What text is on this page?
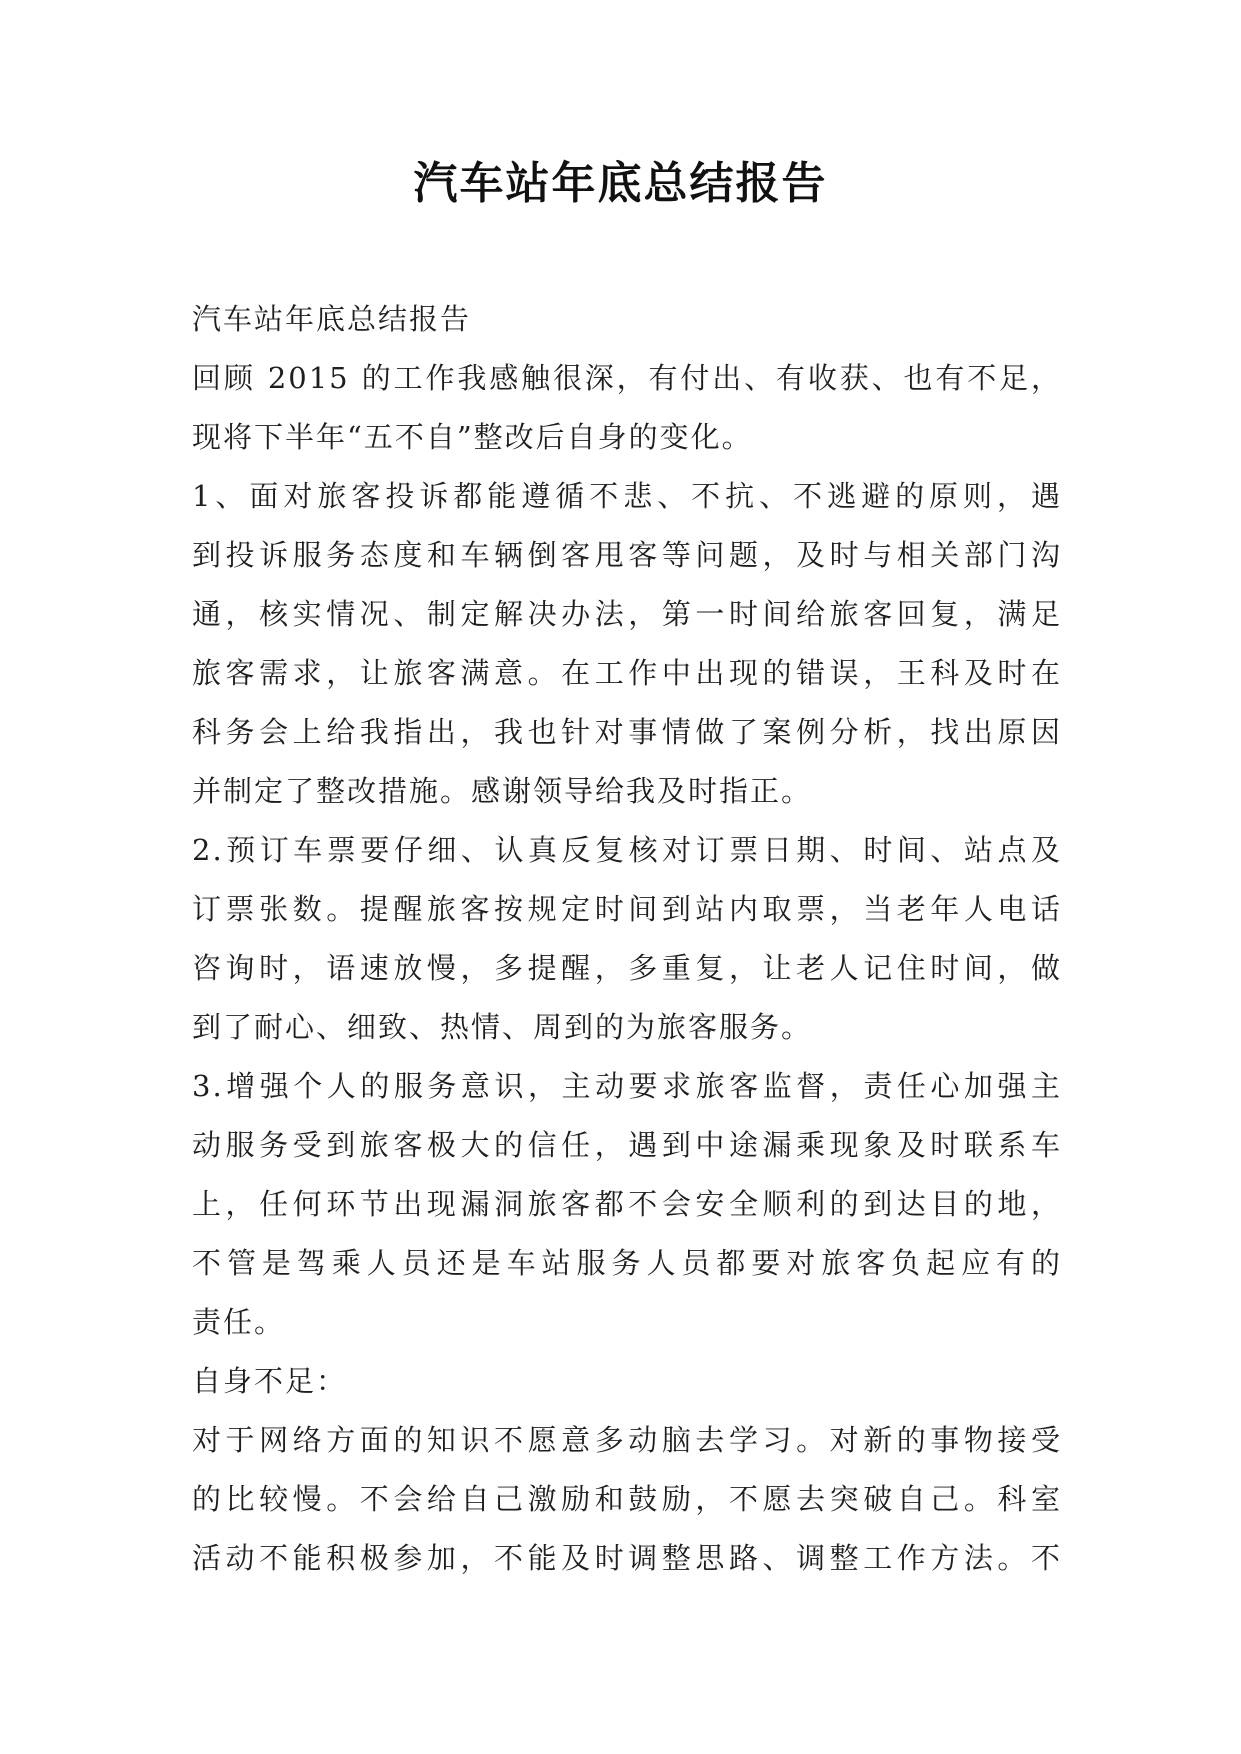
汽车站年底总结报告
汽车站年底总结报告
回顾 2015 的工作我感触很深，有付出、有收获、也有不足，
现将下半年“五不自”整改后自身的变化。
1、面对旅客投诉都能遵循不悲、不抗、不逃避的原则，遇
到投诉服务态度和车辆倒客甩客等问题，及时与相关部门沟
通，核实情况、制定解决办法，第一时间给旅客回复，满足
旅客需求，让旅客满意。在工作中出现的错误，王科及时在
科务会上给我指出，我也针对事情做了案例分析，找出原因
并制定了整改措施。感谢领导给我及时指正。
2.预订车票要仔细、认真反复核对订票日期、时间、站点及
订票张数。提醒旅客按规定时间到站内取票，当老年人电话
咨询时，语速放慢，多提醒，多重复，让老人记住时间，做
到了耐心、细致、热情、周到的为旅客服务。
3.增强个人的服务意识，主动要求旅客监督，责任心加强主
动服务受到旅客极大的信任，遇到中途漏乘现象及时联系车
上，任何环节出现漏洞旅客都不会安全顺利的到达目的地，
不管是驾乘人员还是车站服务人员都要对旅客负起应有的
责任。
自身不足：
对于网络方面的知识不愿意多动脑去学习。对新的事物接受
的比较慢。不会给自己激励和鼓励，不愿去突破自己。科室
活动不能积极参加，不能及时调整思路、调整工作方法。不
